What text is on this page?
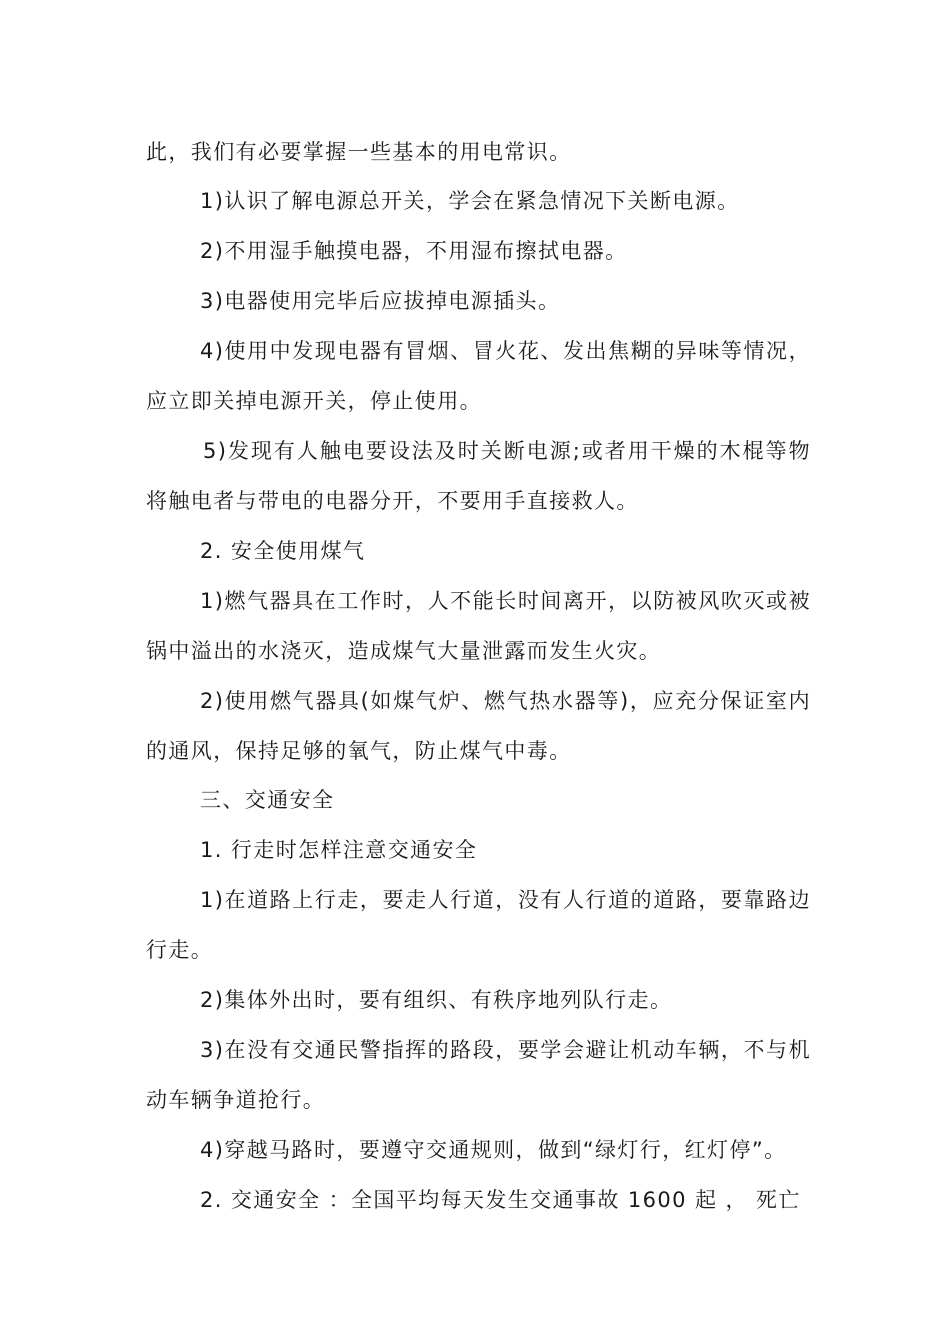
此，我们有必要掌握一些基本的用电常识。
1)认识了解电源总开关，学会在紧急情况下关断电源。
2)不用湿手触摸电器，不用湿布擦拭电器。
3)电器使用完毕后应拔掉电源插头。
4)使用中发现电器有冒烟、冒火花、发出焦糊的异味等情况，
应立即关掉电源开关，停止使用。
5)发现有人触电要设法及时关断电源;或者用干燥的木棍等物
将触电者与带电的电器分开，不要用手直接救人。
2. 安全使用煤气
1)燃气器具在工作时，人不能长时间离开，以防被风吹灭或被
锅中溢出的水浇灭，造成煤气大量泄露而发生火灾。
2)使用燃气器具(如煤气炉、燃气热水器等)，应充分保证室内
的通风，保持足够的氧气，防止煤气中毒。
三、交通安全
1. 行走时怎样注意交通安全
1)在道路上行走，要走人行道，没有人行道的道路，要靠路边
行走。
2)集体外出时，要有组织、有秩序地列队行走。
3)在没有交通民警指挥的路段，要学会避让机动车辆，不与机
动车辆争道抢行。
4)穿越马路时，要遵守交通规则，做到“绿灯行，红灯停”。
2. 交通安全 ：全国平均每天发生交通事故 1600 起 ， 死亡
